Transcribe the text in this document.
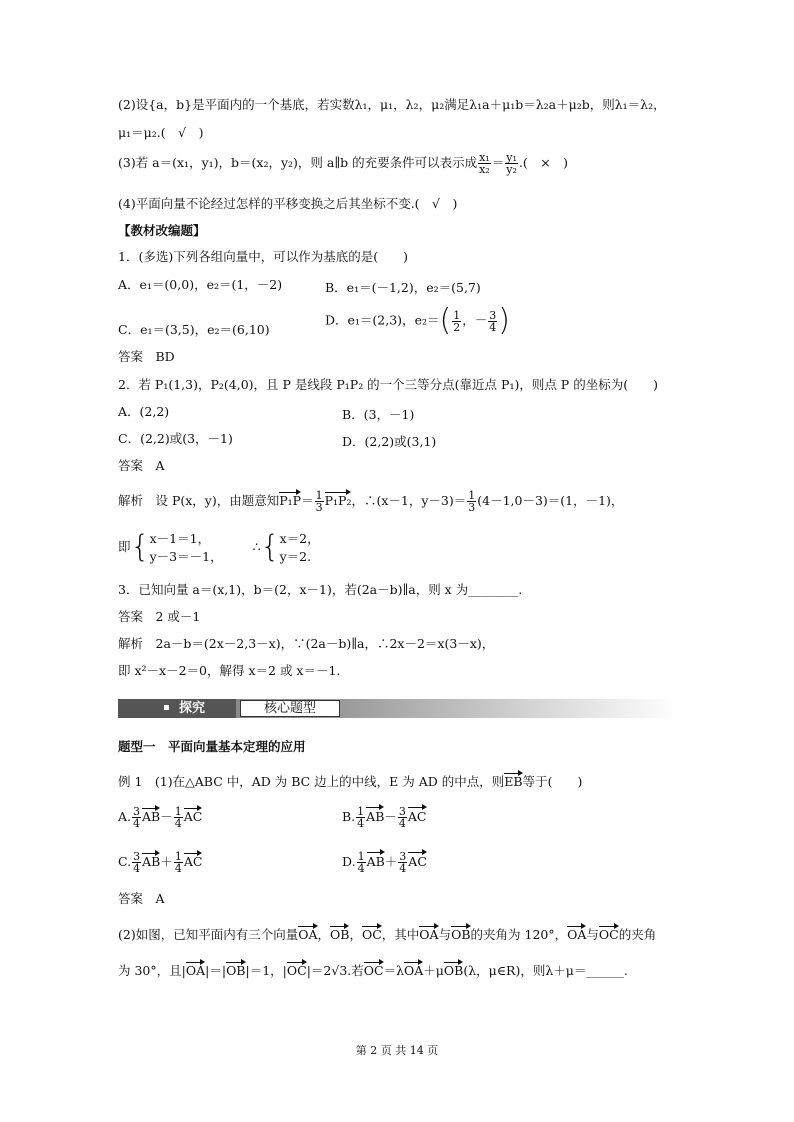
(2)设{a，b}是平面内的一个基底，若实数λ₁，μ₁，λ₂，μ₂满足λ₁a＋μ₁b＝λ₂a＋μ₂b，则λ₁＝λ₂，
μ₁＝μ₂.(　√　)
(3)若 a＝(x₁，y₁)，b＝(x₂，y₂)，则 a∥b 的充要条件可以表示成 $\frac{\text{x₁}}{\text{x₂}} = \frac{\text{y₁}}{\text{y₂}}$ .(　×　)
(4)平面向量不论经过怎样的平移变换之后其坐标不变.(　√　)
【教材改编题】
1．(多选)下列各组向量中，可以作为基底的是(　　)
A．e₁＝(0,0)，e₂＝(1，－2)	B．e₁＝(－1,2)，e₂＝(5,7)
C．e₁＝(3,5)，e₂＝(6,10)
D．e₁＝(2,3)，$e_2=( \frac{1}{2}$ ，－ $\frac{3}{4}$ )
答案　BD
2．若 P₁(1,3)，P₂(4,0)，且 P 是线段 P₁P₂ 的一个三等分点(靠近点 P₁)，则点 P 的坐标为(　　)
A．(2,2)	B．(3，－1)
C．(2,2)或(3，－1)	D．(2,2)或(3,1)
答案　A
解析　设 P(x，y)，由题意知$P_1P= \frac{1}{3} P_1P_2$，∴(x－1，$y-3)= \frac{1}{3} (4-1,0-3)=(1$，－1)，
即{ x－1＝1，
y－3＝－1，
∴{ x＝2，
y＝2.
3．已知向量 a＝(x,1)，b＝(2，x－1)，若(2a－b)∥a，则 x 为________.
答案　2 或－1
解析　2a－b＝(2x－2,3－x)，∵(2a－b)∥a，∴2x－2＝x(3－x)，
即 x²－x－2＝0，解得 x＝2 或 x＝－1.
探究	核心题型
题型一　平面向量基本定理的应用
例 1　(1)在△ABC 中，AD 为 BC 边上的中线，E 为 AD 的中点，则EB等于(　　)
A. $\frac{3}{4} AB- \frac{1}{4}$ AC	B. $\frac{1}{4} AB- \frac{3}{4}$ AC
C. $\frac{3}{4} AB+ \frac{1}{4}$ AC	D. $\frac{1}{4} AB+ \frac{3}{4}$ AC
答案　A
(2)如图，已知平面内有三个向量OA，OB，OC，其中OA与OB的夹角为 120°，OA与OC的夹角
为 30°，且|OA|＝|OB|＝1，|OC|＝2√3.若OC＝λOA＋μOB(λ，μ∈R)，则λ＋μ＝______.
第 2 页 共 14 页
